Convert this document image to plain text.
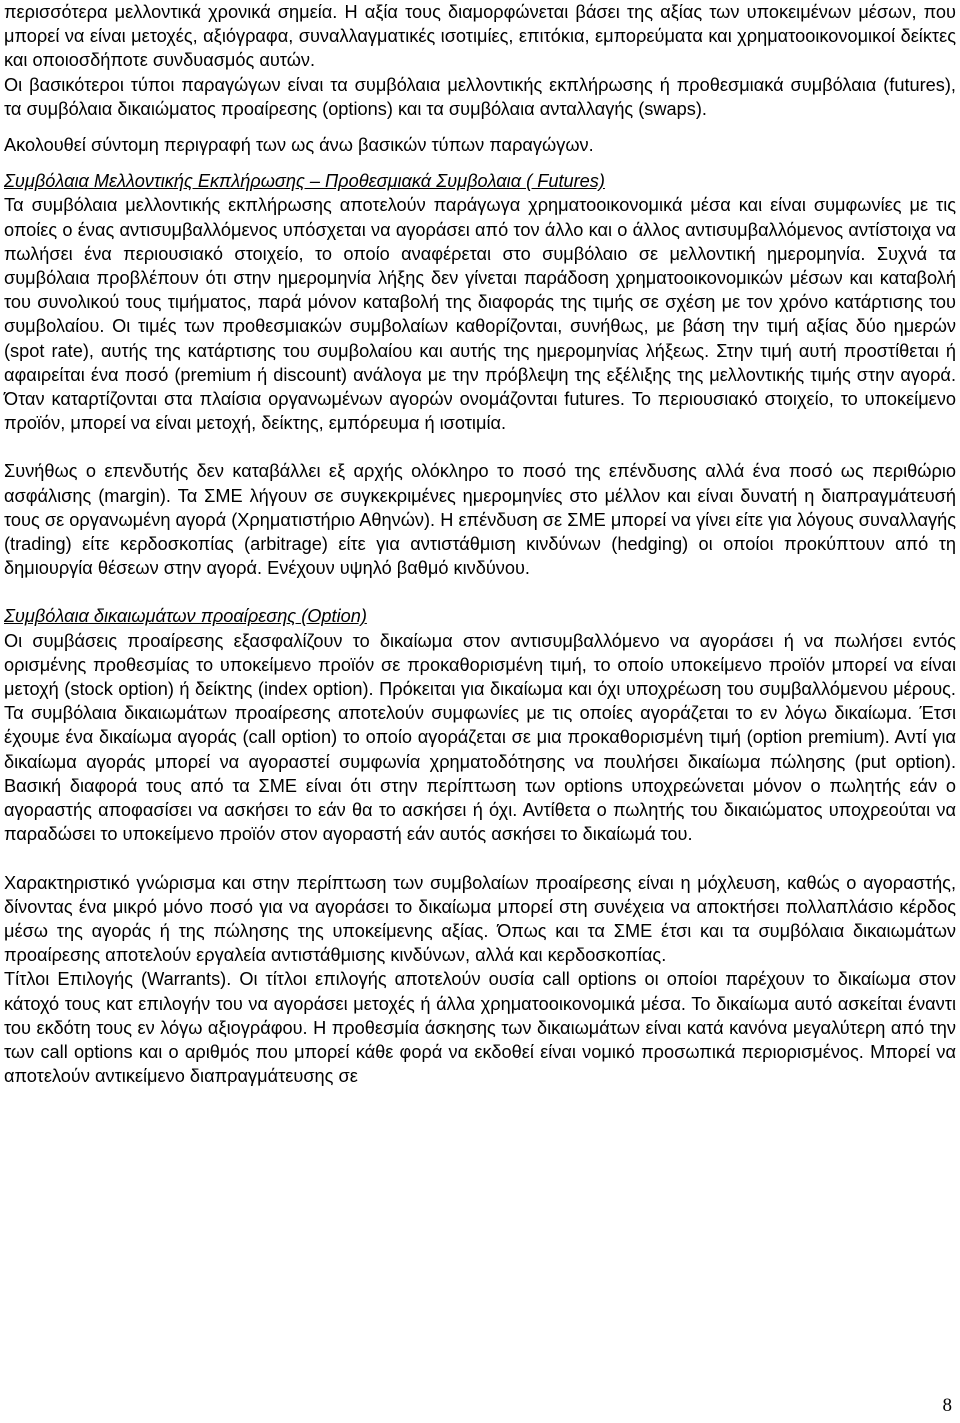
περισσότερα μελλοντικά χρονικά σημεία. Η αξία τους διαμορφώνεται βάσει της αξίας των υποκειμένων μέσων, που μπορεί να είναι μετοχές, αξιόγραφα, συναλλαγματικές ισοτιμίες, επιτόκια, εμπορεύματα και χρηματοοικονομικοί δείκτες και οποιοσδήποτε συνδυασμός αυτών.

Οι βασικότεροι τύποι παραγώγων είναι τα συμβόλαια μελλοντικής εκπλήρωσης ή προθεσμιακά συμβόλαια (futures), τα συμβόλαια δικαιώματος προαίρεσης (options) και τα συμβόλαια ανταλλαγής (swaps).

Ακολουθεί σύντομη περιγραφή των ως άνω βασικών τύπων παραγώγων.

Συμβόλαια Μελλοντικής Εκπλήρωσης – Προθεσμιακά Συμβολαια ( Futures)

Τα συμβόλαια μελλοντικής εκπλήρωσης αποτελούν παράγωγα χρηματοοικονομικά μέσα και είναι συμφωνίες με τις οποίες ο ένας αντισυμβαλλόμενος υπόσχεται να αγοράσει από τον άλλο και ο άλλος αντισυμβαλλόμενος αντίστοιχα να πωλήσει ένα περιουσιακό στοιχείο, το οποίο αναφέρεται στο συμβόλαιο σε μελλοντική ημερομηνία. Συχνά τα συμβόλαια προβλέπουν ότι στην ημερομηνία λήξης δεν γίνεται παράδοση χρηματοοικονομικών μέσων και καταβολή του συνολικού τους τιμήματος, παρά μόνον καταβολή της διαφοράς της τιμής σε σχέση με τον χρόνο κατάρτισης του συμβολαίου. Οι τιμές των προθεσμιακών συμβολαίων καθορίζονται, συνήθως, με βάση την τιμή αξίας δύο ημερών (spot rate), αυτής της κατάρτισης του συμβολαίου και αυτής της ημερομηνίας λήξεως. Στην τιμή αυτή προστίθεται ή αφαιρείται ένα ποσό (premium ή discount) ανάλογα με την πρόβλεψη της εξέλιξης της μελλοντικής τιμής στην αγορά. Όταν καταρτίζονται στα πλαίσια οργανωμένων αγορών ονομάζονται futures. Το περιουσιακό στοιχείο, το υποκείμενο προϊόν, μπορεί να είναι μετοχή, δείκτης, εμπόρευμα ή ισοτιμία.

Συνήθως ο επενδυτής δεν καταβάλλει εξ αρχής ολόκληρο το ποσό της επένδυσης αλλά ένα ποσό ως περιθώριο ασφάλισης (margin). Τα ΣΜΕ λήγουν σε συγκεκριμένες ημερομηνίες στο μέλλον και είναι δυνατή η διαπραγμάτευσή τους σε οργανωμένη αγορά (Χρηματιστήριο Αθηνών). Η επένδυση σε ΣΜΕ μπορεί να γίνει είτε για λόγους συναλλαγής (trading) είτε κερδοσκοπίας (arbitrage) είτε για αντιστάθμιση κινδύνων (hedging) οι οποίοι προκύπτουν από τη δημιουργία θέσεων στην αγορά. Ενέχουν υψηλό βαθμό κινδύνου.

Συμβόλαια δικαιωμάτων προαίρεσης (Option)

Οι συμβάσεις προαίρεσης εξασφαλίζουν το δικαίωμα στον αντισυμβαλλόμενο να αγοράσει ή να πωλήσει εντός ορισμένης προθεσμίας το υποκείμενο προϊόν σε προκαθορισμένη τιμή, το οποίο υποκείμενο προϊόν μπορεί να είναι μετοχή (stock option) ή δείκτης (index option). Πρόκειται για δικαίωμα και όχι υποχρέωση του συμβαλλόμενου μέρους. Τα συμβόλαια δικαιωμάτων προαίρεσης αποτελούν συμφωνίες με τις οποίες αγοράζεται το εν λόγω δικαίωμα. Έτσι έχουμε ένα δικαίωμα αγοράς (call option) το οποίο αγοράζεται σε μια προκαθορισμένη τιμή (option premium). Αντί για δικαίωμα αγοράς μπορεί να αγοραστεί συμφωνία χρηματοδότησης να πουλήσει δικαίωμα πώλησης (put option). Βασική διαφορά τους από τα ΣΜΕ είναι ότι στην περίπτωση των options υποχρεώνεται μόνον ο πωλητής εάν ο αγοραστής αποφασίσει να ασκήσει το εάν θα το ασκήσει ή όχι. Αντίθετα ο πωλητής του δικαιώματος υποχρεούται να παραδώσει το υποκείμενο προϊόν στον αγοραστή εάν αυτός ασκήσει το δικαίωμά του.

Χαρακτηριστικό γνώρισμα και στην περίπτωση των συμβολαίων προαίρεσης είναι η μόχλευση, καθώς ο αγοραστής, δίνοντας ένα μικρό μόνο ποσό για να αγοράσει το δικαίωμα μπορεί στη συνέχεια να αποκτήσει πολλαπλάσιο κέρδος μέσω της αγοράς ή της πώλησης της υποκείμενης αξίας. Όπως και τα ΣΜΕ έτσι και τα συμβόλαια δικαιωμάτων προαίρεσης αποτελούν εργαλεία αντιστάθμισης κινδύνων, αλλά και κερδοσκοπίας.

Τίτλοι Επιλογής (Warrants). Οι τίτλοι επιλογής αποτελούν ουσία call options οι οποίοι παρέχουν το δικαίωμα στον κάτοχό τους κατ επιλογήν του να αγοράσει μετοχές ή άλλα χρηματοοικονομικά μέσα. Το δικαίωμα αυτό ασκείται έναντι του εκδότη τους εν λόγω αξιογράφου. Η προθεσμία άσκησης των δικαιωμάτων είναι κατά κανόνα μεγαλύτερη από την των call options και ο αριθμός που μπορεί κάθε φορά να εκδοθεί είναι νομικό προσωπικά περιορισμένος. Μπορεί να αποτελούν αντικείμενο διαπραγμάτευσης σε

8
